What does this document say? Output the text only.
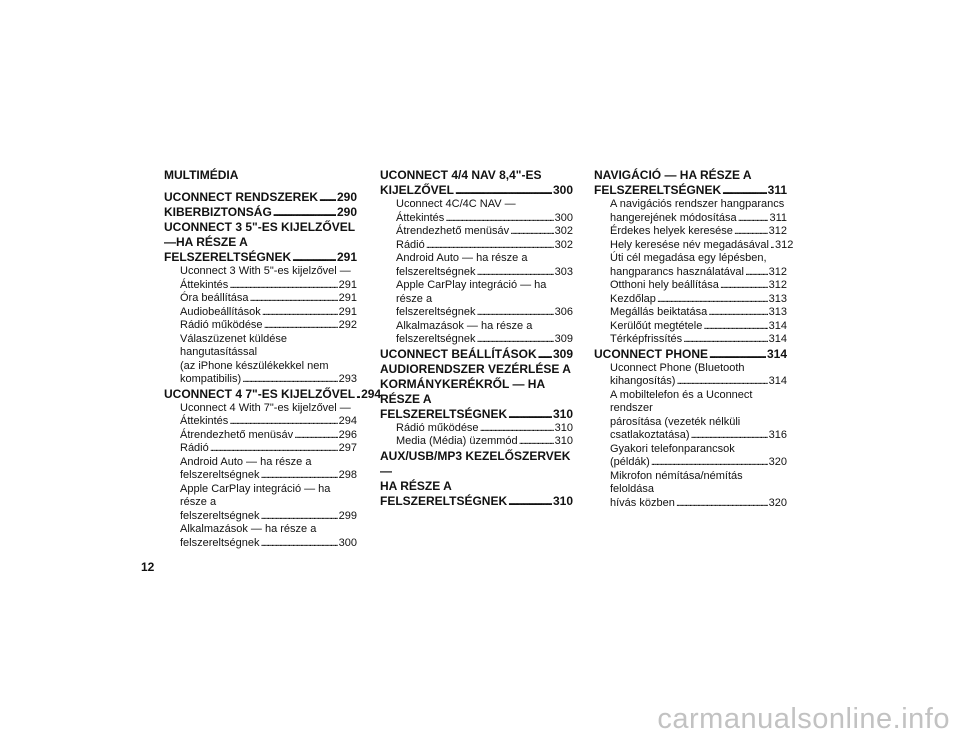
MULTIMÉDIA
UCONNECT RENDSZEREK . . . 290
KIBERBIZTONSÁG . . .	290
UCONNECT 3 5"-ES KIJELZŐVEL
—HA RÉSZE A
FELSZERELTSÉGNEK . . .	291
Uconnect 3 With 5"-es kijelzővel —
Áttekintés . . .	291
Óra beállítása . . .	291
Audiobeállítások . . .	291
Rádió működése . . .	292
Válaszüzenet küldése hangutasítással
(az iPhone készülékekkel nem
kompatibilis) . . .	293
UCONNECT 4 7"-ES KIJELZŐVEL . . . 294
Uconnect 4 With 7"-es kijelzővel —
Áttekintés . . .	294
Átrendezhető menüsáv . . .	296
Rádió . . .	297
Android Auto — ha része a
felszereltségnek . . .	298
Apple CarPlay integráció — ha része a
felszereltségnek . . .	299
Alkalmazások — ha része a
felszereltségnek . . .	300
UCONNECT 4/4 NAV 8,4"-ES
KIJELZŐVEL . . .	300
Uconnect 4C/4C NAV —
Áttekintés . . .	300
Átrendezhető menüsáv . . .	302
Rádió . . .	302
Android Auto — ha része a
felszereltségnek . . .	303
Apple CarPlay integráció — ha része a
felszereltségnek . . .	306
Alkalmazások — ha része a
felszereltségnek . . .	309
UCONNECT BEÁLLÍTÁSOK . . . 309
AUDIORENDSZER VEZÉRLÉSE A
KORMÁNYKERÉKRŐL — HA RÉSZE A
FELSZERELTSÉGNEK . . .	310
Rádió működése . . .	310
Media (Média) üzemmód . . .	310
AUX/USB/MP3 KEZELŐSZERVEK —
HA RÉSZE A
FELSZERELTSÉGNEK . . .	310
NAVIGÁCIÓ — HA RÉSZE A
FELSZERELTSÉGNEK . . .	311
A navigációs rendszer hangparancs
hangerejének módosítása . . .	311
Érdekes helyek keresése . . .	312
Hely keresése név megadásával . . . 312
Úti cél megadása egy lépésben,
hangparancs használatával . . . 312
Otthoni hely beállítása . . .	312
Kezdőlap . . .	313
Megállás beiktatása . . .	313
Kerülőút megtétele . . .	314
Térképfrissítés . . .	314
UCONNECT PHONE . . .	314
Uconnect Phone (Bluetooth
kihangosítás) . . .	314
A mobiltelefon és a Uconnect rendszer
párosítása (vezeték nélküli
csatlakoztatása) . . .	316
Gyakori telefonparancsok
(példák) . . .	320
Mikrofon némítása/némítás feloldása
hívás közben . . .	320
12
carmanualsonline.info
